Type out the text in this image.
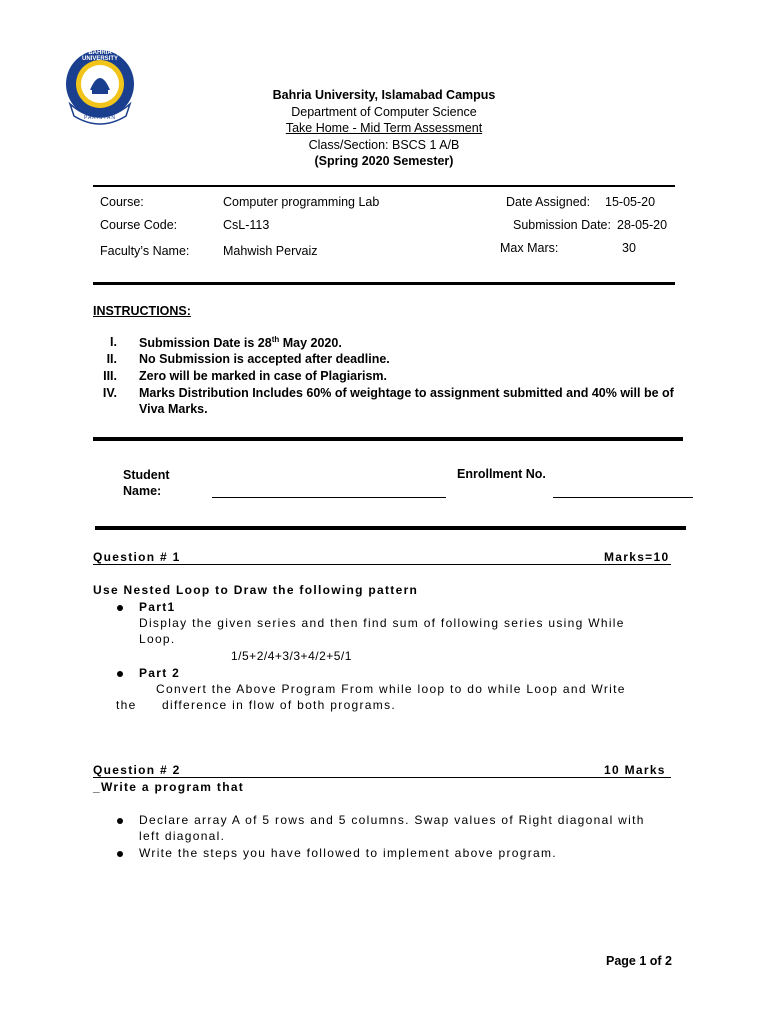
BAHRIA UNIVERSITY
PAKISTAN
Bahria University, Islamabad Campus
Department of Computer Science
Take Home - Mid Term Assessment
Class/Section: BSCS 1 A/B
(Spring 2020 Semester)
Course:	Computer programming Lab	Date Assigned: 15-05-20
Course Code:	CsL-113	Submission Date: 28-05-20
Faculty’s Name:	Mahwish Pervaiz	Max Mars:	30
INSTRUCTIONS:
I. Submission Date is 28th May 2020.
II. No Submission is accepted after deadline.
III. Zero will be marked in case of Plagiarism.
IV. Marks Distribution Includes 60% of weightage to assignment submitted and 40% will be of
Viva Marks.
Student
Name:
Enrollment No.
Question # 1	Marks=10
Use Nested Loop to Draw the following pattern
Part1
Display the given series and then find sum of following series using While
Loop.
1/5+2/4+3/3+4/2+5/1
Part 2
Convert the Above Program From while loop to do while Loop and Write
the difference in flow of both programs.
Question # 2	10 Marks
_Write a program that
Declare array A of 5 rows and 5 columns. Swap values of Right diagonal with
left diagonal.
Write the steps you have followed to implement above program.
Page 1 of 2
